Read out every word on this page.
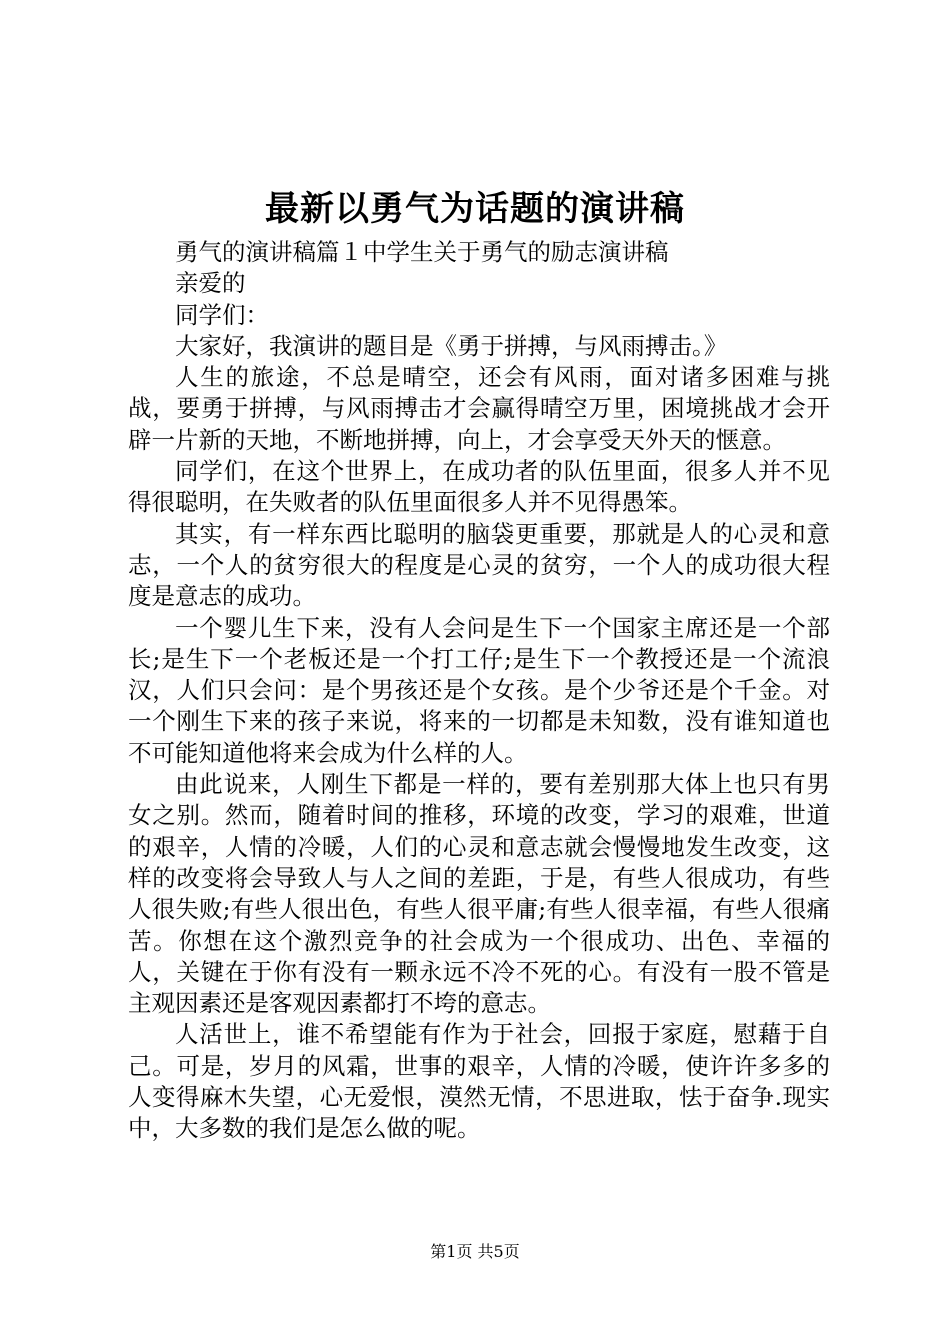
最新以勇气为话题的演讲稿

勇气的演讲稿篇１中学生关于勇气的励志演讲稿

亲爱的

同学们：

大家好，我演讲的题目是《勇于拼搏，与风雨搏击。》

人生的旅途，不总是晴空，还会有风雨，面对诸多困难与挑战，要勇于拼搏，与风雨搏击才会赢得晴空万里，困境挑战才会开辟一片新的天地，不断地拼搏，向上，才会享受天外天的惬意。

同学们，在这个世界上，在成功者的队伍里面，很多人并不见得很聪明，在失败者的队伍里面很多人并不见得愚笨。

其实，有一样东西比聪明的脑袋更重要，那就是人的心灵和意志，一个人的贫穷很大的程度是心灵的贫穷，一个人的成功很大程度是意志的成功。

一个婴儿生下来，没有人会问是生下一个国家主席还是一个部长;是生下一个老板还是一个打工仔;是生下一个教授还是一个流浪汉，人们只会问：是个男孩还是个女孩。是个少爷还是个千金。对一个刚生下来的孩子来说，将来的一切都是未知数，没有谁知道也不可能知道他将来会成为什么样的人。

由此说来，人刚生下都是一样的，要有差别那大体上也只有男女之别。然而，随着时间的推移，环境的改变，学习的艰难，世道的艰辛，人情的冷暖，人们的心灵和意志就会慢慢地发生改变，这样的改变将会导致人与人之间的差距，于是，有些人很成功，有些人很失败;有些人很出色，有些人很平庸;有些人很幸福，有些人很痛苦。你想在这个激烈竞争的社会成为一个很成功、出色、幸福的人，关键在于你有没有一颗永远不冷不死的心。有没有一股不管是主观因素还是客观因素都打不垮的意志。

人活世上，谁不希望能有作为于社会，回报于家庭，慰藉于自己。可是，岁月的风霜，世事的艰辛，人情的冷暖，使许许多多的人变得麻木失望，心无爱恨，漠然无情，不思进取，怯于奋争.现实中，大多数的我们是怎么做的呢。

第1页 共5页
